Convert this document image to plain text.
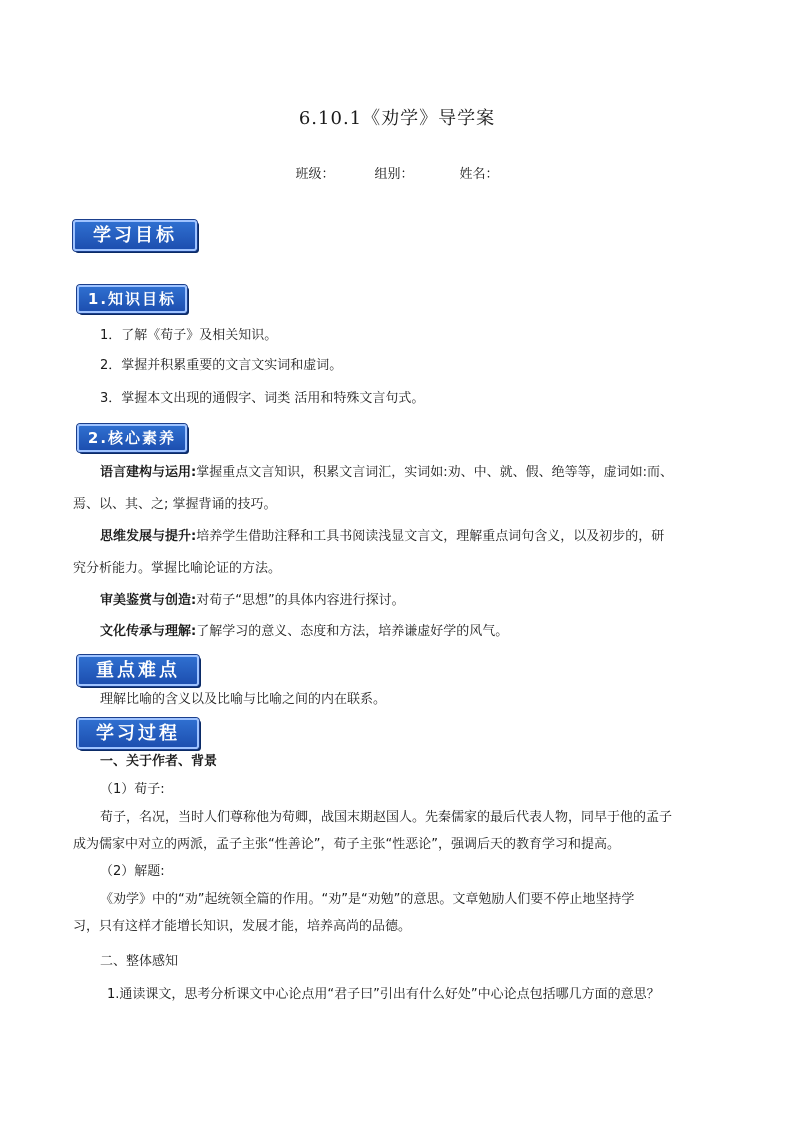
6.10.1《劝学》导学案
班级：	组别：	姓名：
学习目标
1.知识目标
1．了解《荀子》及相关知识。
2．掌握并积累重要的文言文实词和虚词。
3．掌握本文出现的通假字、词类 活用和特殊文言句式。
2.核心素养
语言建构与运用:掌握重点文言知识，积累文言词汇，实词如:劝、中、就、假、绝等等，虚词如:而、
焉、以、其、之; 掌握背诵的技巧。
思维发展与提升:培养学生借助注释和工具书阅读浅显文言文，理解重点词句含义，以及初步的，研
究分析能力。掌握比喻论证的方法。
审美鉴赏与创造:对荀子“思想”的具体内容进行探讨。
文化传承与理解:了解学习的意义、态度和方法，培养谦虚好学的风气。
重点难点
理解比喻的含义以及比喻与比喻之间的内在联系。
学习过程
一、关于作者、背景
（1）荀子:
荀子，名况，当时人们尊称他为荀卿，战国末期赵国人。先秦儒家的最后代表人物，同早于他的孟子
成为儒家中对立的两派，孟子主张“性善论”，荀子主张“性恶论”，强调后天的教育学习和提高。
（2）解题:
《劝学》中的“劝”起统领全篇的作用。“劝”是“劝勉”的意思。文章勉励人们要不停止地坚持学
习，只有这样才能增长知识，发展才能，培养高尚的品德。
二、整体感知
1.通读课文，思考分析课文中心论点用“君子曰”引出有什么好处”中心论点包括哪几方面的意思？
